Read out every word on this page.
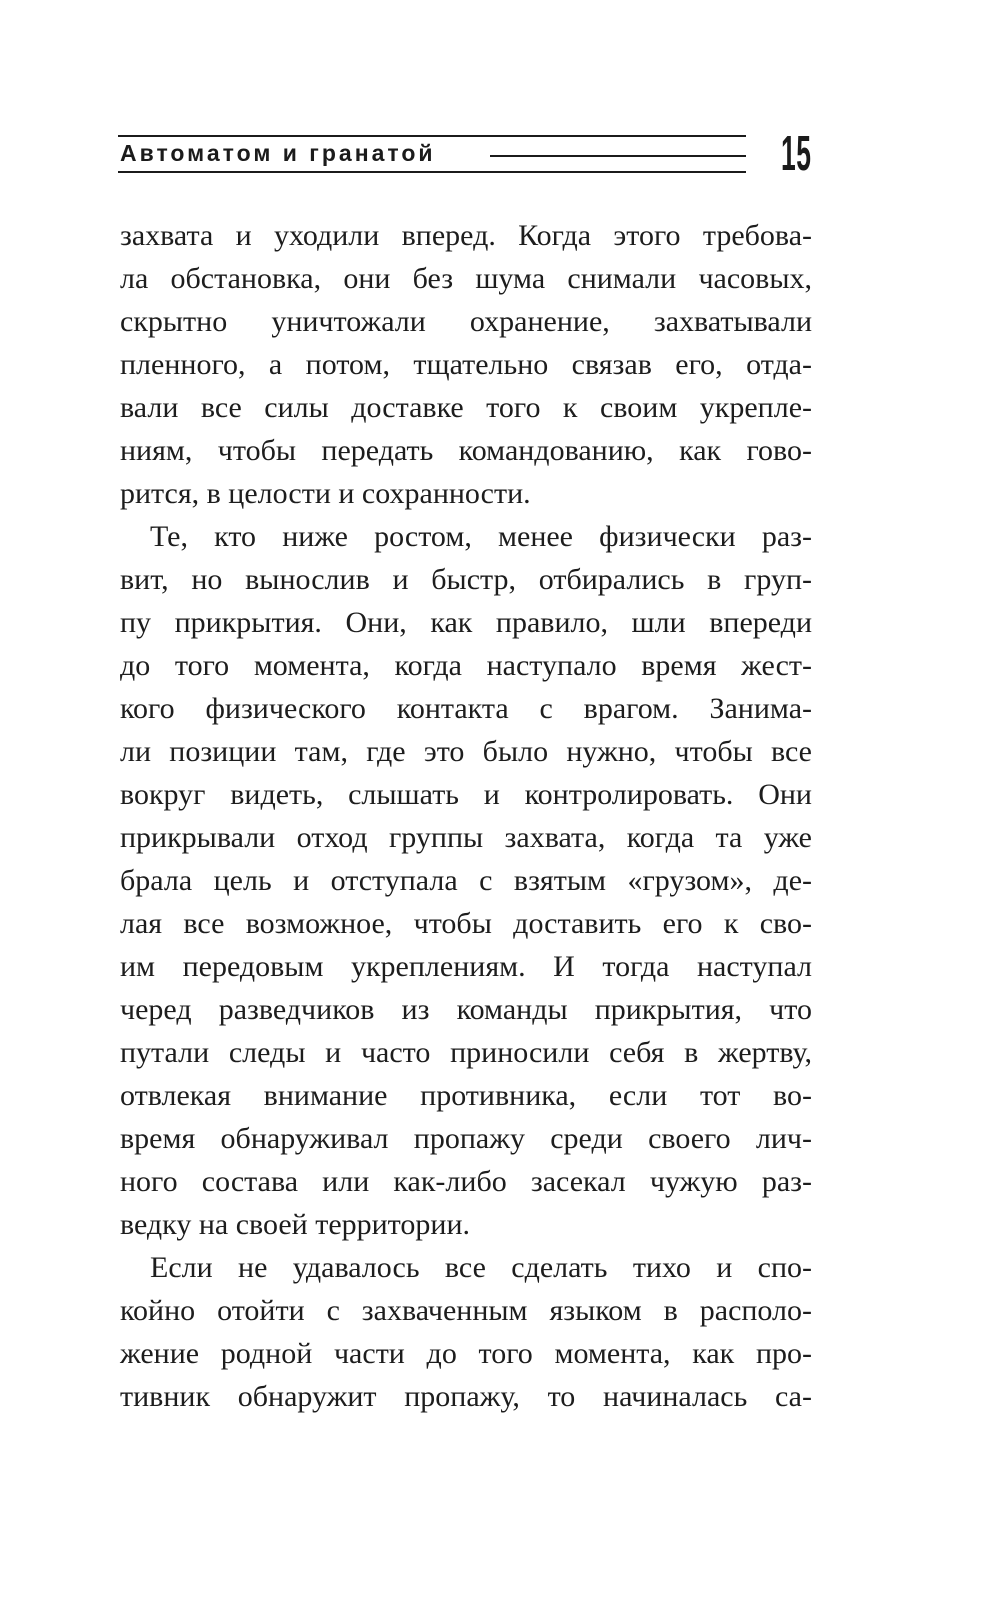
Автоматом и гранатой	15
захвата и уходили вперед. Когда этого требова-
ла обстановка, они без шума снимали часовых,
скрытно уничтожали охранение, захватывали
пленного, а потом, тщательно связав его, отда-
вали все силы доставке того к своим укрепле-
ниям, чтобы передать командованию, как гово-
рится, в целости и сохранности.
Те, кто ниже ростом, менее физически раз-
вит, но вынослив и быстр, отбирались в груп-
пу прикрытия. Они, как правило, шли впереди
до того момента, когда наступало время жест-
кого физического контакта с врагом. Занима-
ли позиции там, где это было нужно, чтобы все
вокруг видеть, слышать и контролировать. Они
прикрывали отход группы захвата, когда та уже
брала цель и отступала с взятым «грузом», де-
лая все возможное, чтобы доставить его к сво-
им передовым укреплениям. И тогда наступал
черед разведчиков из команды прикрытия, что
путали следы и часто приносили себя в жертву,
отвлекая внимание противника, если тот во-
время обнаруживал пропажу среди своего лич-
ного состава или как-либо засекал чужую раз-
ведку на своей территории.
Если не удавалось все сделать тихо и спо-
койно отойти с захваченным языком в располо-
жение родной части до того момента, как про-
тивник обнаружит пропажу, то начиналась са-
